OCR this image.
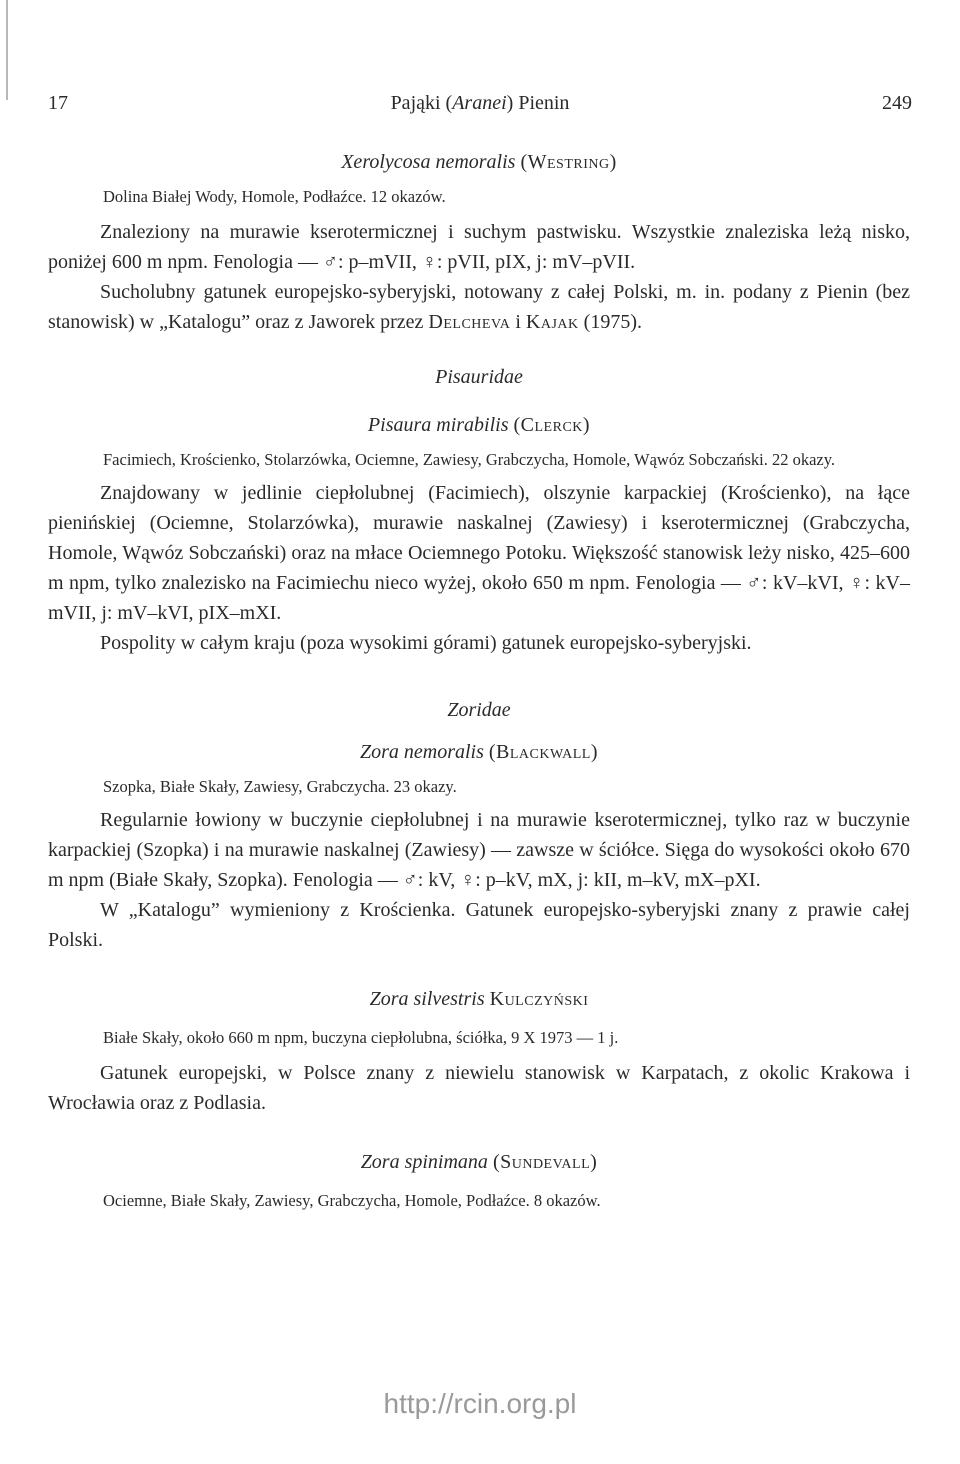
17	Pająki (Aranei) Pienin	249

Xerolycosa nemoralis (Westring)

Dolina Białej Wody, Homole, Podłaźce. 12 okazów.

Znaleziony na murawie kserotermicznej i suchym pastwisku. Wszystkie znaleziska leżą nisko, poniżej 600 m npm. Fenologia — ♂: p–mVII, ♀: pVII, pIX, j: mV–pVII.

Sucholubny gatunek europejsko-syberyjski, notowany z całej Polski, m. in. podany z Pienin (bez stanowisk) w „Katalogu” oraz z Jaworek przez Delcheva i Kajak (1975).

Pisauridae

Pisaura mirabilis (Clerck)

Facimiech, Krościenko, Stolarzówka, Ociemne, Zawiesy, Grabczycha, Homole, Wąwóz Sobczański. 22 okazy.

Znajdowany w jedlinie ciepłolubnej (Facimiech), olszynie karpackiej (Krościenko), na łące pienińskiej (Ociemne, Stolarzówka), murawie naskalnej (Zawiesy) i kserotermicznej (Grabczycha, Homole, Wąwóz Sobczański) oraz na młace Ociemnego Potoku. Większość stanowisk leży nisko, 425–600 m npm, tylko znalezisko na Facimiechu nieco wyżej, około 650 m npm. Fenologia — ♂: kV–kVI, ♀: kV–mVII, j: mV–kVI, pIX–mXI.

Pospolity w całym kraju (poza wysokimi górami) gatunek europejsko-syberyjski.

Zoridae

Zora nemoralis (Blackwall)

Szopka, Białe Skały, Zawiesy, Grabczycha. 23 okazy.

Regularnie łowiony w buczynie ciepłolubnej i na murawie kserotermicznej, tylko raz w buczynie karpackiej (Szopka) i na murawie naskalnej (Zawiesy) — zawsze w ściółce. Sięga do wysokości około 670 m npm (Białe Skały, Szopka). Fenologia — ♂: kV, ♀: p–kV, mX, j: kII, m–kV, mX–pXI.

W „Katalogu” wymieniony z Krościenka. Gatunek europejsko-syberyjski znany z prawie całej Polski.

Zora silvestris Kulczyński

Białe Skały, około 660 m npm, buczyna ciepłolubna, ściółka, 9 X 1973 — 1 j.

Gatunek europejski, w Polsce znany z niewielu stanowisk w Karpatach, z okolic Krakowa i Wrocławia oraz z Podlasia.

Zora spinimana (Sundevall)

Ociemne, Białe Skały, Zawiesy, Grabczycha, Homole, Podłaźce. 8 okazów.

http://rcin.org.pl
